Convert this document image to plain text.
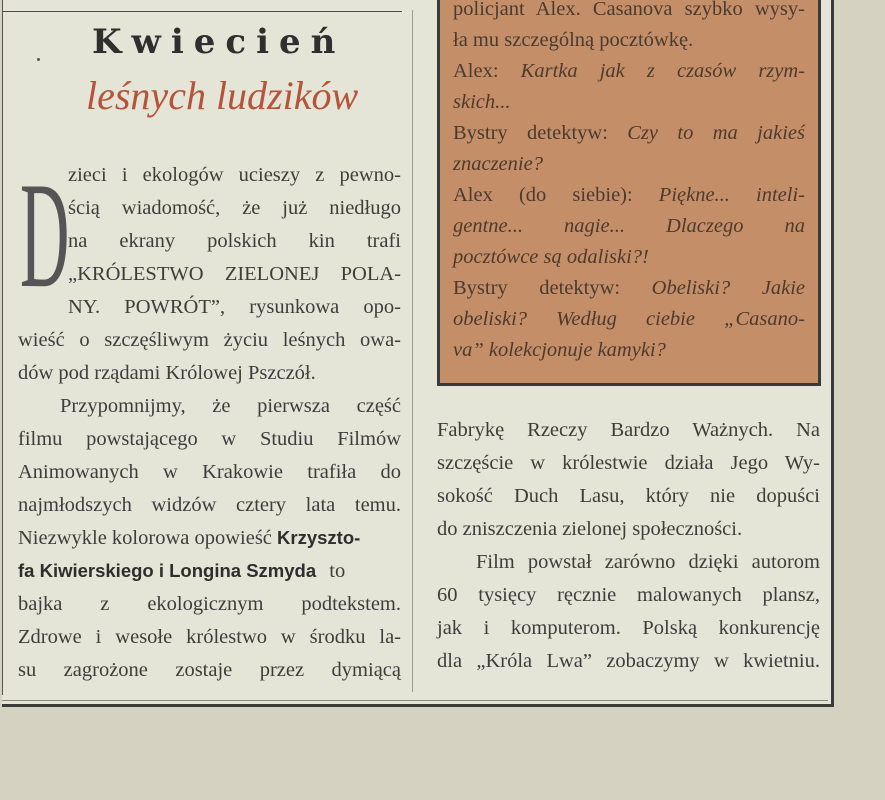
Kwiecień
leśnych ludzików
D
zieci i ekologów ucieszy z pewno-
ścią wiadomość, że już niedługo
na ekrany polskich kin trafi
„KRÓLESTWO ZIELONEJ POLA-
NY. POWRÓT”, rysunkowa opo-
wieść o szczęśliwym życiu leśnych owa-
dów pod rządami Królowej Pszczół.
Przypomnijmy, że pierwsza część
filmu powstającego w Studiu Filmów
Animowanych w Krakowie trafiła do
najmłodszych widzów cztery lata temu.
Niezwykle kolorowa opowieść Krzyszto-
fa Kiwierskiego i Longina Szmyda to
bajka z ekologicznym podtekstem.
Zdrowe i wesołe królestwo w środku la-
su zagrożone zostaje przez dymiącą
policjant Alex. Casanova szybko wysy-
ła mu szczególną pocztówkę.
Alex: Kartka jak z czasów rzym-
skich...
Bystry detektyw: Czy to ma jakieś
znaczenie?
Alex (do siebie): Piękne... inteli-
gentne... nagie... Dlaczego na
pocztówce są odaliski?!
Bystry detektyw: Obeliski? Jakie
obeliski? Według ciebie „Casano-
va” kolekcjonuje kamyki?
Fabrykę Rzeczy Bardzo Ważnych. Na
szczęście w królestwie działa Jego Wy-
sokość Duch Lasu, który nie dopuści
do zniszczenia zielonej społeczności.
Film powstał zarówno dzięki autorom
60 tysięcy ręcznie malowanych plansz,
jak i komputerom. Polską konkurencję
dla „Króla Lwa” zobaczymy w kwietniu.
